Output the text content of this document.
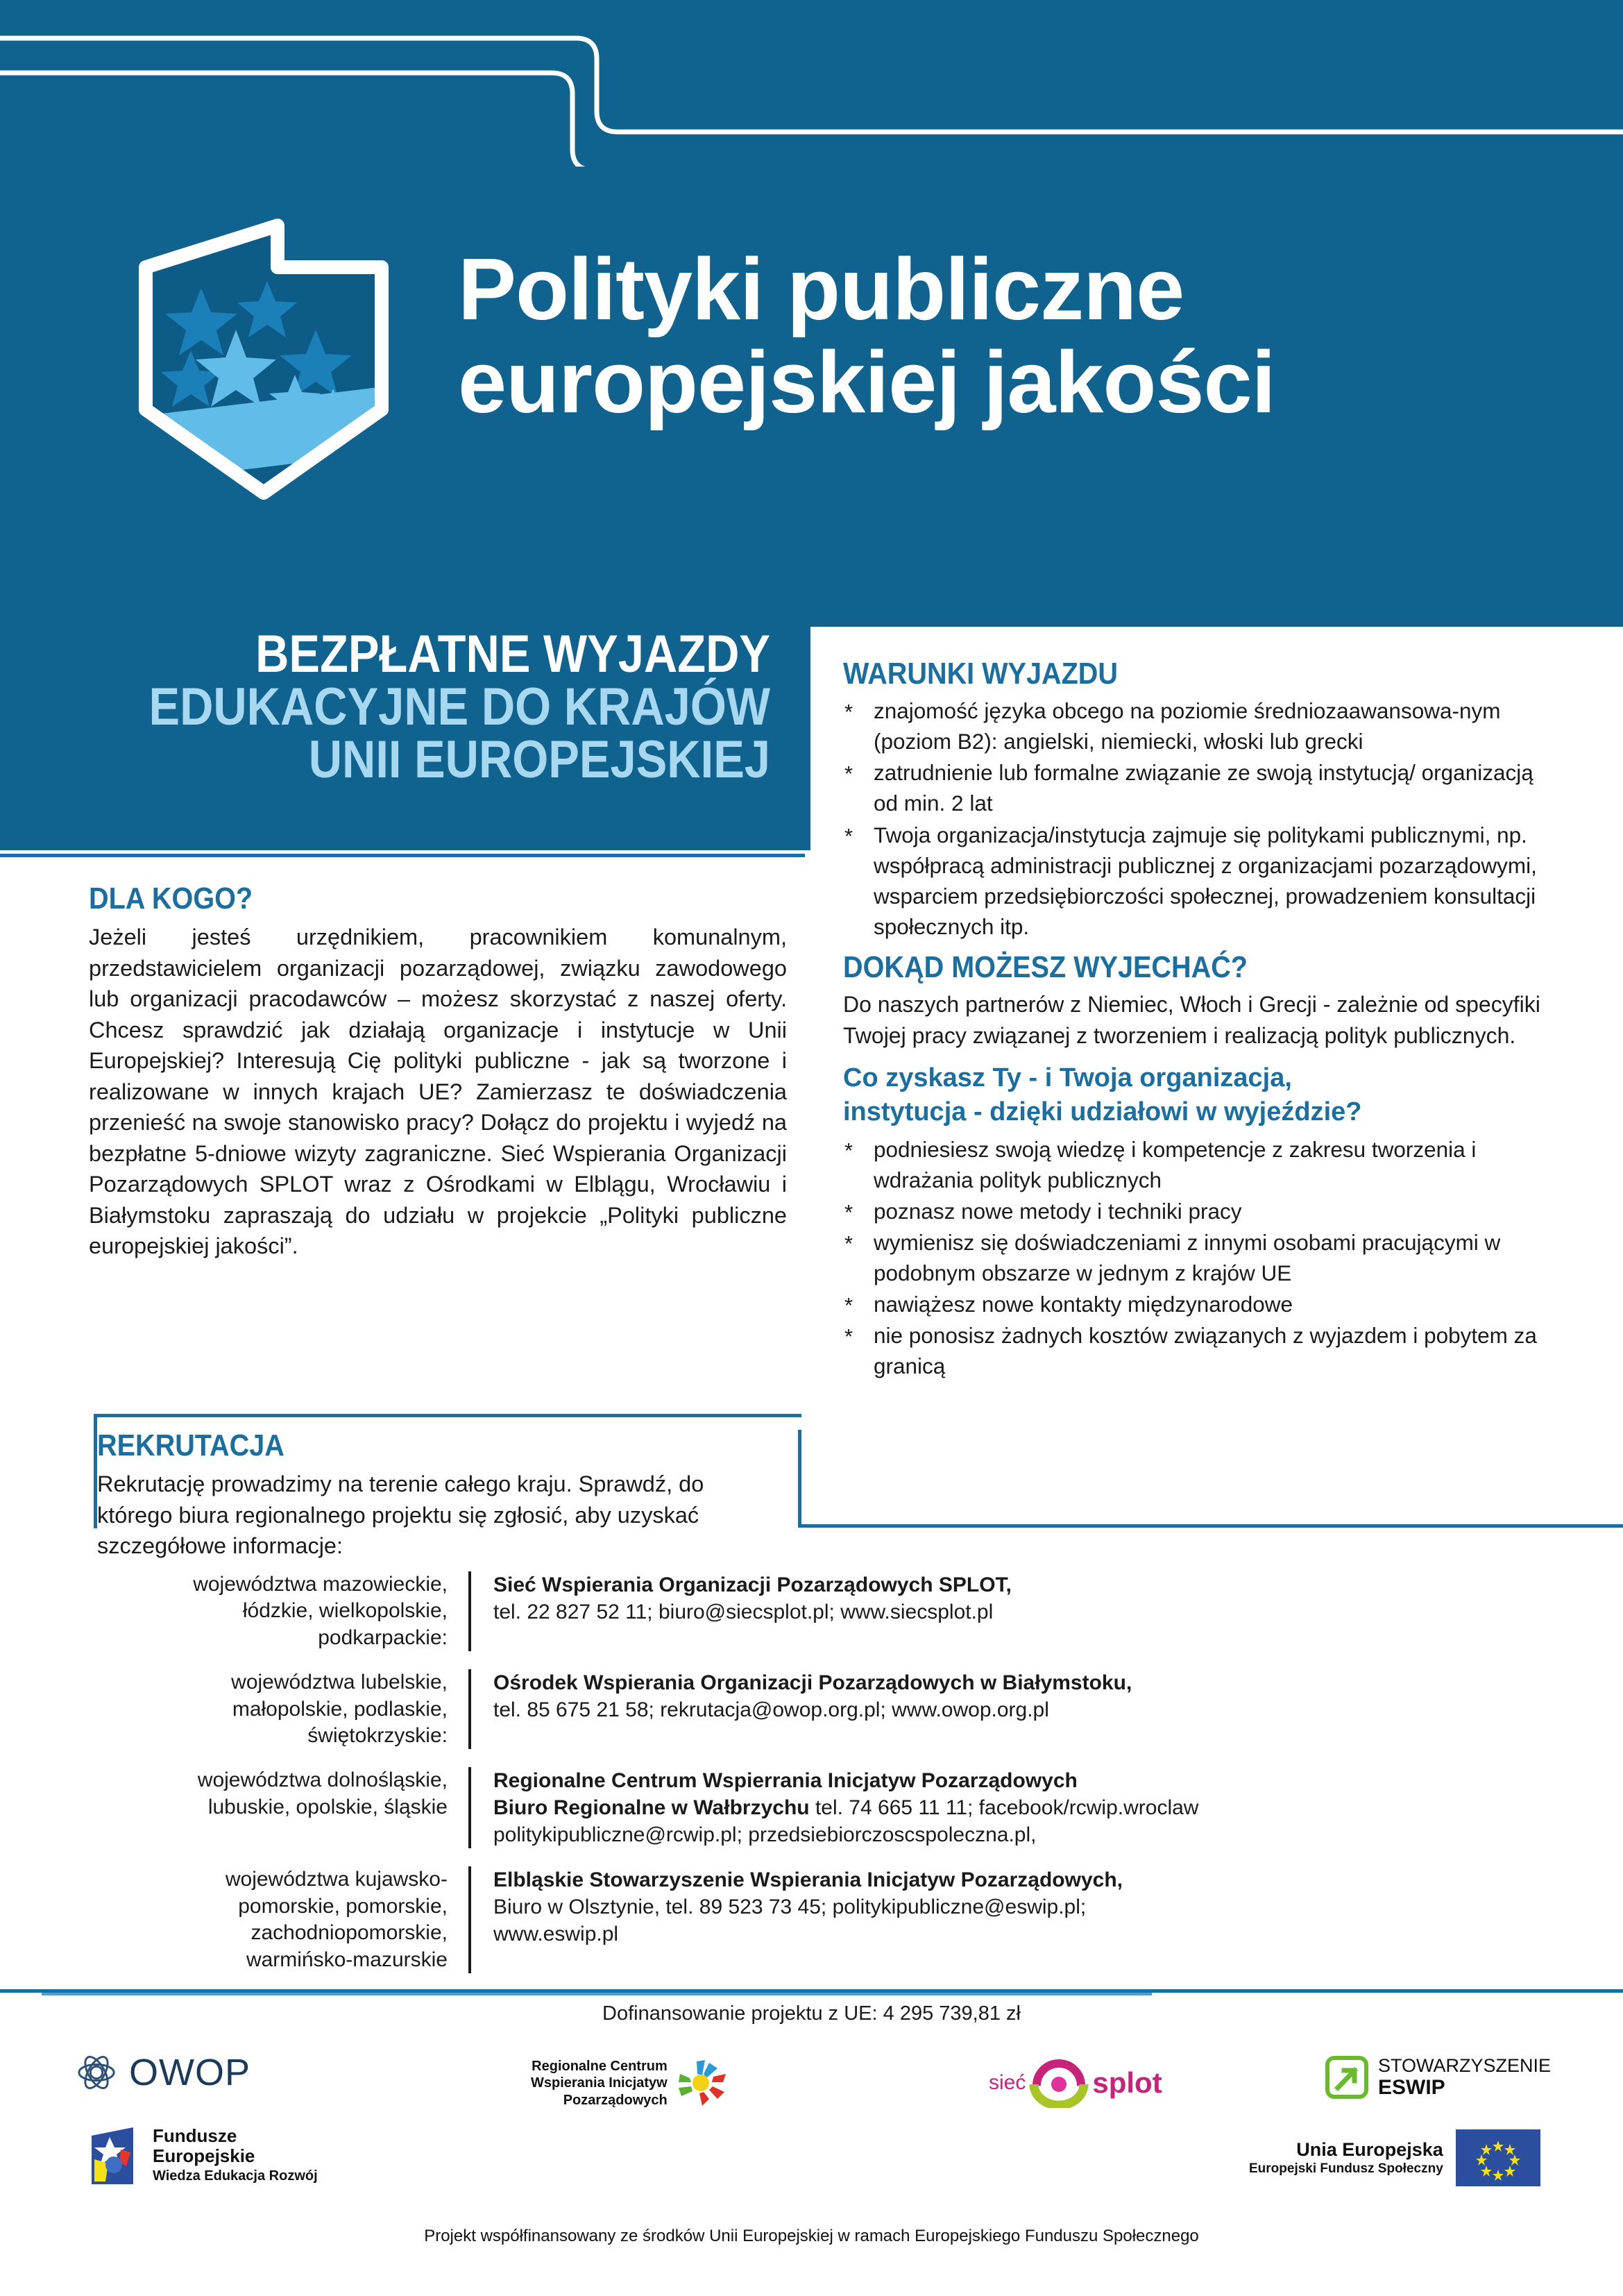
Polityki publiczne
europejskiej jakości
BEZPŁATNE WYJAZDY
EDUKACYJNE DO KRAJÓW
UNII EUROPEJSKIEJ
DLA KOGO?
Jeżeli jesteś urzędnikiem, pracownikiem komunalnym, przedstawicielem organizacji pozarządowej, związku zawodowego lub organizacji pracodawców – możesz skorzystać z naszej oferty. Chcesz sprawdzić jak działają organizacje i instytucje w Unii Europejskiej? Interesują Cię polityki publiczne - jak są tworzone i realizowane w innych krajach UE? Zamierzasz te doświadczenia przenieść na swoje stanowisko pracy? Dołącz do projektu i wyjedź na bezpłatne 5-dniowe wizyty zagraniczne. Sieć Wspierania Organizacji Pozarządowych SPLOT wraz z Ośrodkami w Elblągu, Wrocławiu i Białymstoku zapraszają do udziału w projekcie „Polityki publiczne europejskiej jakości”.
WARUNKI WYJAZDU
* znajomość języka obcego na poziomie średniozaawansowa-nym (poziom B2): angielski, niemiecki, włoski lub grecki
* zatrudnienie lub formalne związanie ze swoją instytucją/ organizacją od min. 2 lat
* Twoja organizacja/instytucja zajmuje się politykami publicznymi, np. współpracą administracji publicznej z organizacjami pozarządowymi, wsparciem przedsiębiorczości społecznej, prowadzeniem konsultacji społecznych itp.
DOKĄD MOŻESZ WYJECHAĆ?
Do naszych partnerów z Niemiec, Włoch i Grecji - zależnie od specyfiki Twojej pracy związanej z tworzeniem i realizacją polityk publicznych.
Co zyskasz Ty - i Twoja organizacja,
instytucja - dzięki udziałowi w wyjeździe?
* podniesiesz swoją wiedzę i kompetencje z zakresu tworzenia i wdrażania polityk publicznych
* poznasz nowe metody i techniki pracy
* wymienisz się doświadczeniami z innymi osobami pracującymi w podobnym obszarze w jednym z krajów UE
* nawiążesz nowe kontakty międzynarodowe
* nie ponosisz żadnych kosztów związanych z wyjazdem i pobytem za granicą
REKRUTACJA
Rekrutację prowadzimy na terenie całego kraju. Sprawdź, do którego biura regionalnego projektu się zgłosić, aby uzyskać szczegółowe informacje:
województwa mazowieckie, łódzkie, wielkopolskie, podkarpackie:
Sieć Wspierania Organizacji Pozarządowych SPLOT,
tel. 22 827 52 11; biuro@siecsplot.pl; www.siecsplot.pl
województwa lubelskie, małopolskie, podlaskie, świętokrzyskie:
Ośrodek Wspierania Organizacji Pozarządowych w Białymstoku,
tel. 85 675 21 58; rekrutacja@owop.org.pl; www.owop.org.pl
województwa dolnośląskie, lubuskie, opolskie, śląskie
Regionalne Centrum Wspierrania Inicjatyw Pozarządowych
Biuro Regionalne w Wałbrzychu tel. 74 665 11 11; facebook/rcwip.wroclaw
politykipubliczne@rcwip.pl; przedsiebiorczoscspoleczna.pl,
województwa kujawsko-pomorskie, pomorskie, zachodniopomorskie, warmińsko-mazurskie
Elbląskie Stowarzyszenie Wspierania Inicjatyw Pozarządowych,
Biuro w Olsztynie, tel. 89 523 73 45; politykipubliczne@eswip.pl;
www.eswip.pl
Dofinansowanie projektu z UE: 4 295 739,81 zł
OWOP	Regionalne Centrum
Wspierania Inicjatyw
Pozarządowych
sieć splot
STOWARZYSZENIE
ESWIP
Fundusze
Europejskie
Wiedza Edukacja Rozwój
Unia Europejska
Europejski Fundusz Społeczny
Projekt współfinansowany ze środków Unii Europejskiej w ramach Europejskiego Funduszu Społecznego
